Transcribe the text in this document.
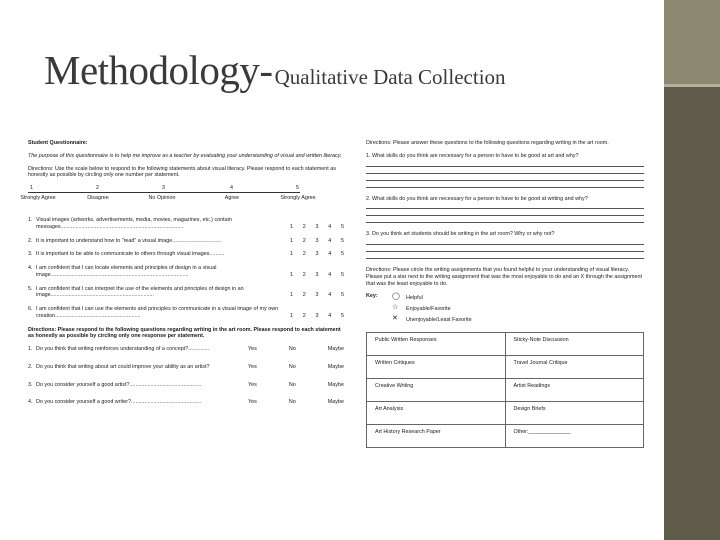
Methodology-Qualitative Data Collection
Student Questionnaire:
The purpose of this questionnaire is to help me improve as a teacher by evaluating your understanding of visual and written literacy.
Directions: Use the scale below to respond to the following statements about visual literacy. Please respond to each statement as honestly as possible by circling only one number per statement.
1	2	3	4	5
Strongly Agree	Disagree	No Opinion	Agree	Strongly Agree
1. Visual images (artworks, advertisements, media, movies, magazines, etc.) contain messages..................................................................................	1 2 3 4 5
2. It is important to understand how to "read" a visual image.................................	1 2 3 4 5
3. It is important to be able to communicate to others through visual images..........	1 2 3 4 5
4. I am confident that I can locate elements and principles of design in a visual image............................................................................................	1 2 3 4 5
5. I am confident that I can interpret the use of the elements and principles of design in an image.....................................................................	1 2 3 4 5
6. I am confident that I can use the elements and principles to communicate in a visual image of my own creation.........................................................	1 2 3 4 5
Directions: Please respond to the following questions regarding writing in the art room. Please respond to each statement as honestly as possible by circling only one response per statement.
1. Do you think that writing reinforces understanding of a concept?..............	Yes	No	Maybe
2. Do you think that writing about art could improve your ability as an artist?	Yes	No	Maybe
3. Do you consider yourself a good artist?................................................	Yes	No	Maybe
4. Do you consider yourself a good writer?...............................................	Yes	No	Maybe
Directions: Please answer these questions to the following questions regarding writing in the art room.
1. What skills do you think are necessary for a person to have to be good at art and why?
2. What skills do you think are necessary for a person to have to be good at writing and why?
3. Do you think art students should be writing in the art room? Why or why not?
Directions: Please circle the writing assignments that you found helpful to your understanding of visual literacy. Please put a star next to the writing assignment that was the most enjoyable to do and an X through the assignment that was the least enjoyable to do.
Key: ◯ Helpful
☆ Enjoyable/Favorite
✕ Unenjoyable/Least Favorite
Public Written Responses	Sticky-Note Discussion
Written Critiques	Travel Journal Critique
Creative Writing	Artist Readings
Art Analysis	Design Briefs
Art History Research Paper	Other:______________
